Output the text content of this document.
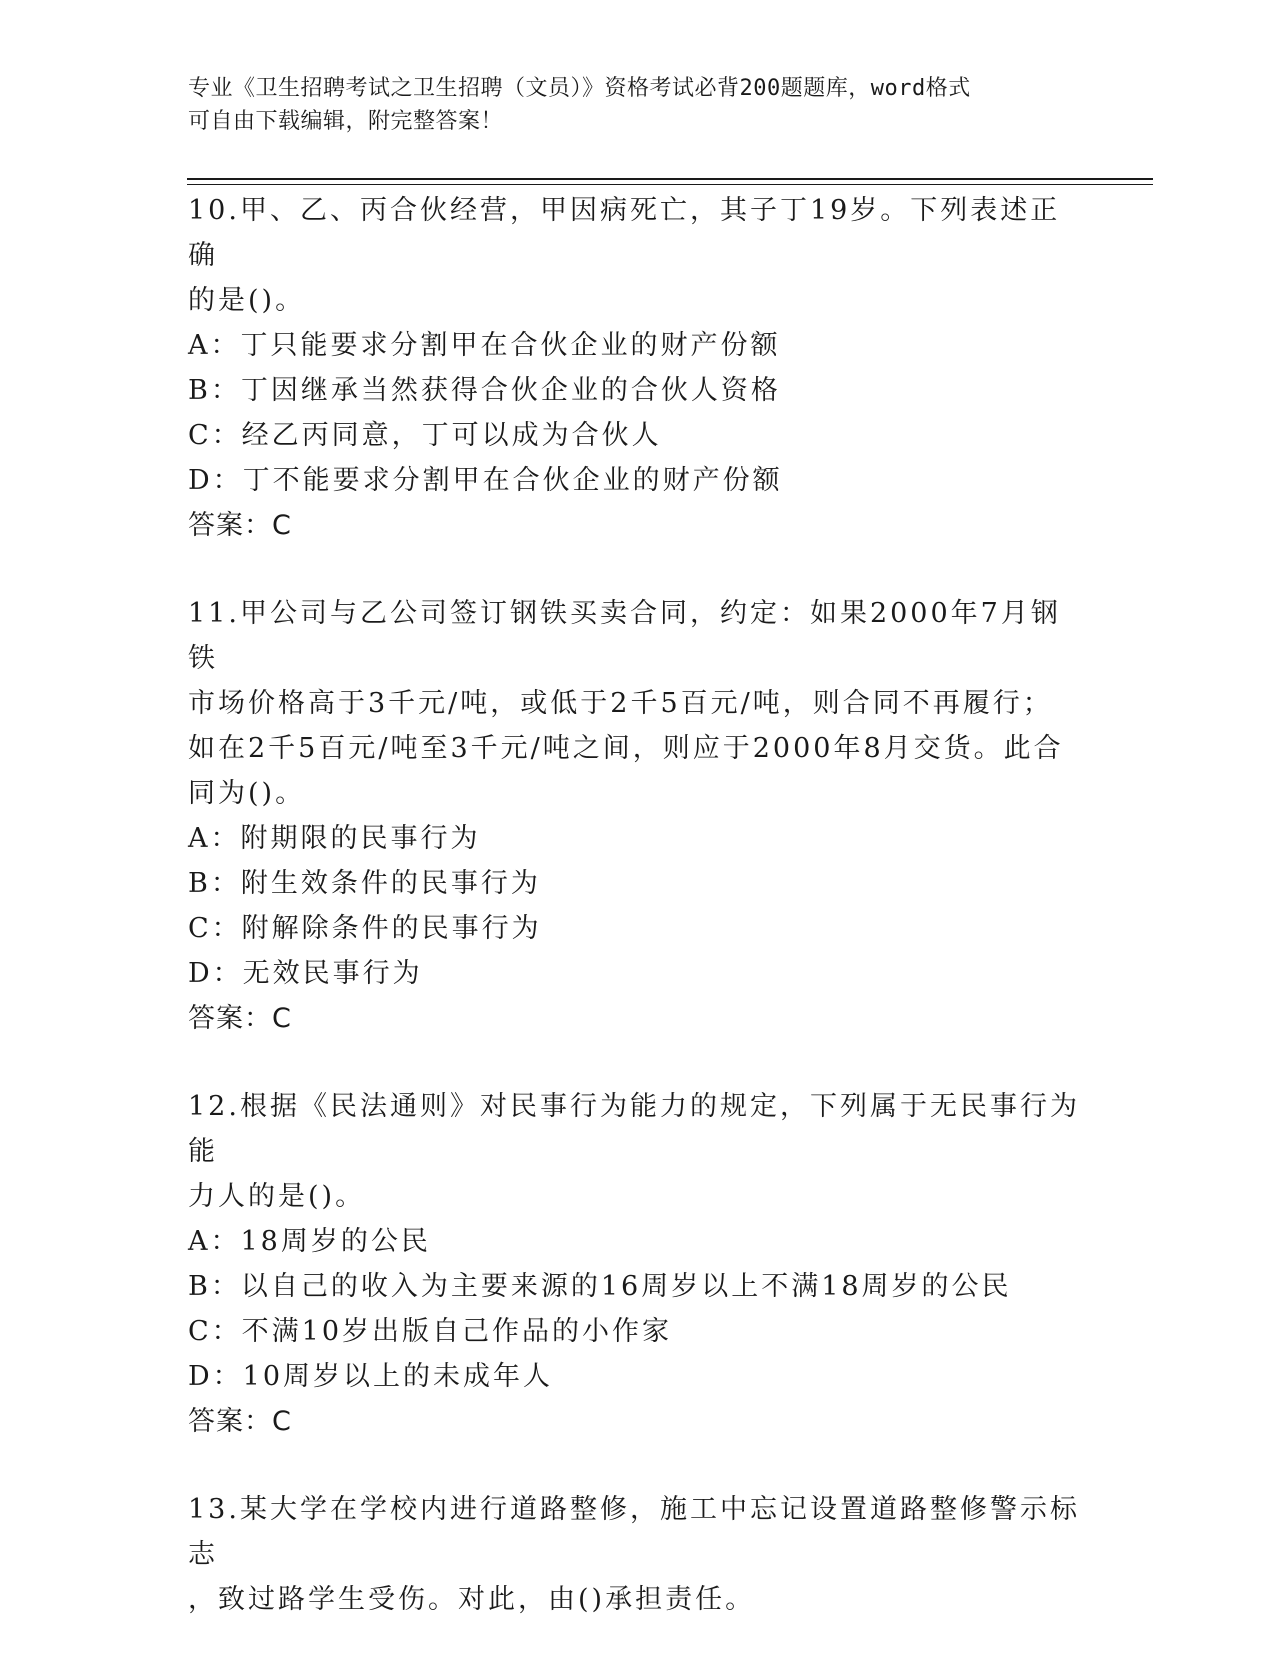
专业《卫生招聘考试之卫生招聘（文员）》资格考试必背200题题库，word格式
可自由下载编辑，附完整答案！

10.甲、乙、丙合伙经营，甲因病死亡，其子丁19岁。下列表述正确

的是()。

A：丁只能要求分割甲在合伙企业的财产份额

B：丁因继承当然获得合伙企业的合伙人资格

C：经乙丙同意，丁可以成为合伙人

D：丁不能要求分割甲在合伙企业的财产份额

答案：C

11.甲公司与乙公司签订钢铁买卖合同，约定：如果2000年7月钢铁

市场价格高于3千元/吨，或低于2千5百元/吨，则合同不再履行；

如在2千5百元/吨至3千元/吨之间，则应于2000年8月交货。此合

同为()。

A：附期限的民事行为

B：附生效条件的民事行为

C：附解除条件的民事行为

D：无效民事行为

答案：C

12.根据《民法通则》对民事行为能力的规定，下列属于无民事行为能

力人的是()。

A：18周岁的公民

B：以自己的收入为主要来源的16周岁以上不满18周岁的公民

C：不满10岁出版自己作品的小作家

D：10周岁以上的未成年人

答案：C

13.某大学在学校内进行道路整修，施工中忘记设置道路整修警示标志

，致过路学生受伤。对此，由()承担责任。
